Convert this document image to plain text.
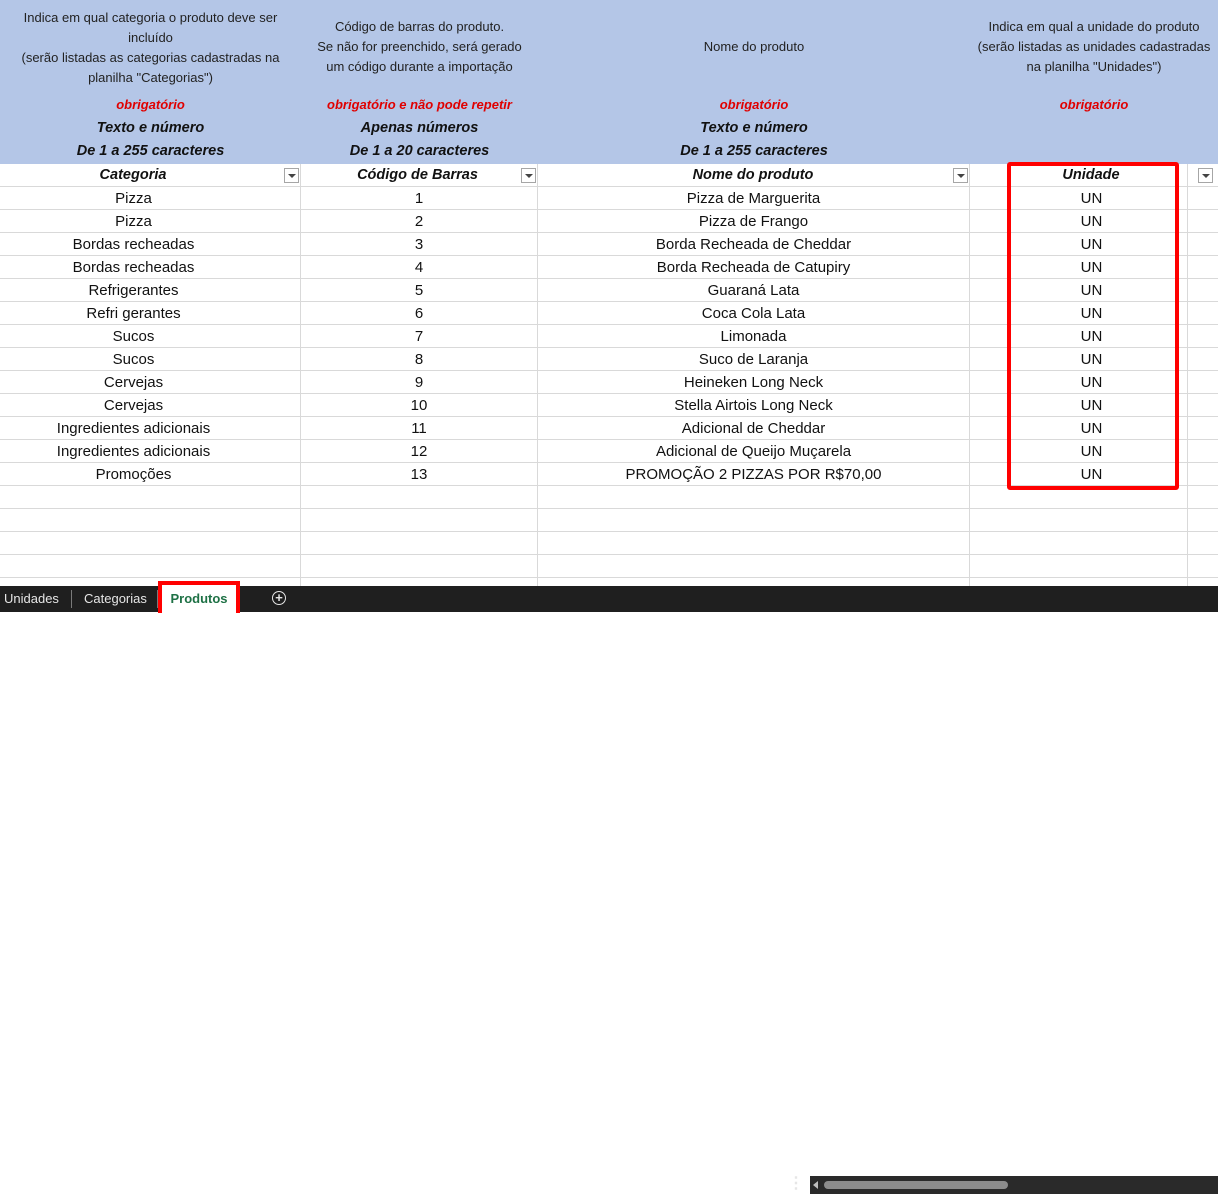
Indica em qual categoria o produto deve ser
incluído
(serão listadas as categorias cadastradas na
planilha "Categorias")
obrigatório
Texto e número
De 1 a 255 caracteres
Código de barras do produto.
Se não for preenchido, será gerado
um código durante a importação
obrigatório e não pode repetir
Apenas números
De 1 a 20 caracteres
Nome do produto
obrigatório
Texto e número
De 1 a 255 caracteres
Indica em qual a unidade do produto
(serão listadas as unidades cadastradas
na planilha "Unidades")
obrigatório
Categoria	Código de Barras	Nome do produto	Unidade
Pizza	1	Pizza de Marguerita	UN
Pizza	2	Pizza de Frango	UN
Bordas recheadas	3	Borda Recheada de Cheddar	UN
Bordas recheadas	4	Borda Recheada de Catupiry	UN
Refrigerantes	5	Guaraná Lata	UN
Refri gerantes	6	Coca Cola Lata	UN
Sucos	7	Limonada	UN
Sucos	8	Suco de Laranja	UN
Cervejas	9	Heineken Long Neck	UN
Cervejas	10	Stella Airtois Long Neck	UN
Ingredientes adicionais	11	Adicional de Cheddar	UN
Ingredientes adicionais	12	Adicional de Queijo Muçarela	UN
Promoções	13	PROMOÇÃO 2 PIZZAS POR R$70,00	UN
Unidades Categorias	Produtos
⋮
+
